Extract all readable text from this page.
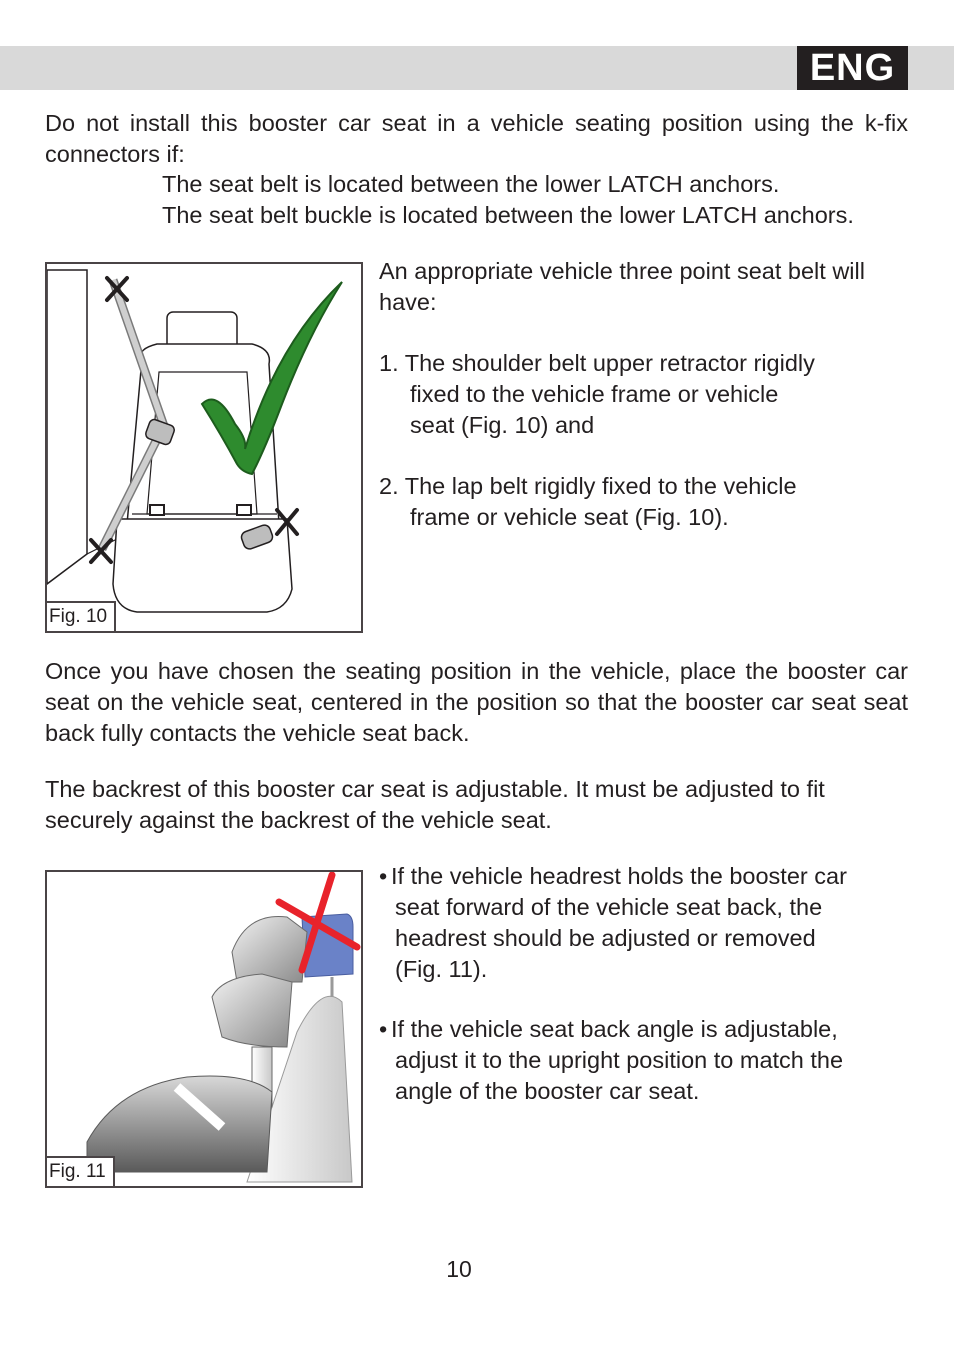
ENG

Do not install this booster car seat in a vehicle seating position using the k-fix connectors if:

The seat belt is located between the lower LATCH anchors.

The seat belt buckle is located between the lower LATCH anchors.

Fig. 10

An appropriate vehicle three point seat belt will have:

1. The shoulder belt upper retractor rigidly
fixed to the vehicle frame or vehicle
seat (Fig. 10) and
2. The lap belt rigidly fixed to the vehicle
frame or vehicle seat (Fig. 10).

Once you have chosen the seating position in the vehicle, place the booster car seat on the vehicle seat, centered in the position so that the booster car seat seat back fully contacts the vehicle seat back.

The backrest of this booster car seat is adjustable. It must be adjusted to fit securely against the backrest of the vehicle seat.

Fig. 11
• If the vehicle headrest holds the booster car
seat forward of the vehicle seat back, the
headrest should be adjusted or removed
(Fig. 11).
• If the vehicle seat back angle is adjustable,
adjust it to the upright position to match the
angle of the booster car seat.
10
